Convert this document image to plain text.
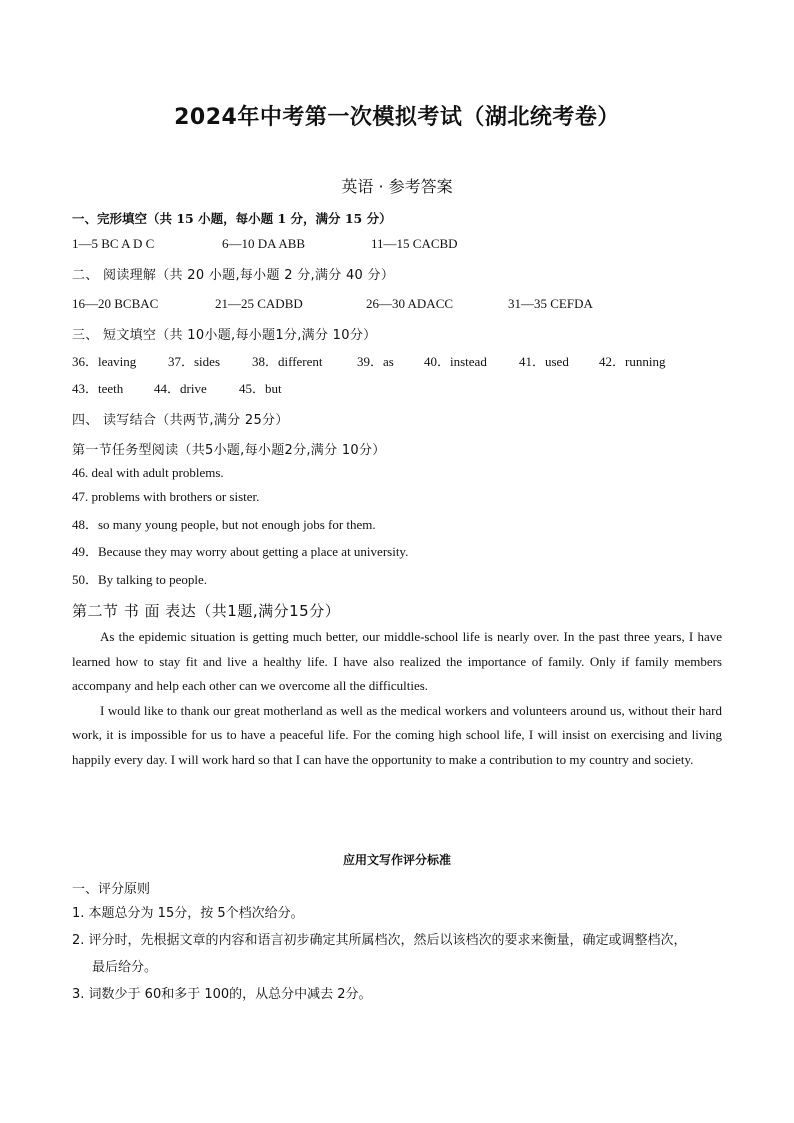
2024年中考第一次模拟考试（湖北统考卷）
英语 · 参考答案
一、完形填空（共 15 小题，每小题 1 分，满分 15 分）
1—5 BC A D C	6—10 DA ABB	11—15 CACBD
二、 阅读理解（共 20 小题,每小题 2 分,满分 40 分）
16—20 BCBAC	21—25 CADBD	26—30 ADACC	31—35 CEFDA
三、 短文填空（共 10小题,每小题1分,满分 10分）
36．leaving 37．sides 38．different	39．as 40．instead 41．used 42．running
43．teeth 44．drive 45．but
四、 读写结合（共两节,满分 25分）
第一节任务型阅读（共5小题,每小题2分,满分 10分）
46. deal with adult problems.
47. problems with brothers or sister.
48．so many young people, but not enough jobs for them.
49．Because they may worry about getting a place at university.
50．By talking to people.
第二节 书 面 表达（共1题,满分15分）

As the epidemic situation is getting much better, our middle-school life is nearly over. In the past three years, I have learned how to stay fit and live a healthy life. I have also realized the importance of family. Only if family members accompany and help each other can we overcome all the difficulties.

I would like to thank our great motherland as well as the medical workers and volunteers around us, without their hard work, it is impossible for us to have a peaceful life. For the coming high school life, I will insist on exercising and living happily every day. I will work hard so that I can have the opportunity to make a contribution to my country and society.

应用文写作评分标准
一、评分原则
1. 本题总分为 15分，按 5个档次给分。
2. 评分时，先根据文章的内容和语言初步确定其所属档次，然后以该档次的要求来衡量，确定或调整档次，
最后给分。
3. 词数少于 60和多于 100的，从总分中减去 2分。
